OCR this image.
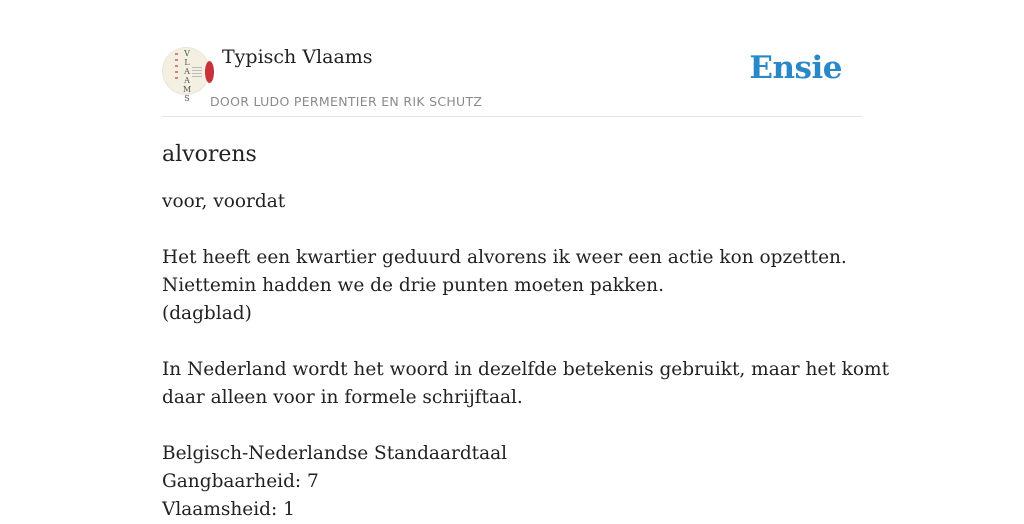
V
L
A
A
M
S
Typisch Vlaams
DOOR LUDO PERMENTIER EN RIK SCHUTZ
Ensie
alvorens
voor, voordat
Het heeft een kwartier geduurd alvorens ik weer een actie kon opzetten.
Niettemin hadden we de drie punten moeten pakken.
(dagblad)
In Nederland wordt het woord in dezelfde betekenis gebruikt, maar het komt
daar alleen voor in formele schrijftaal.
Belgisch-Nederlandse Standaardtaal
Gangbaarheid: 7
Vlaamsheid: 1
